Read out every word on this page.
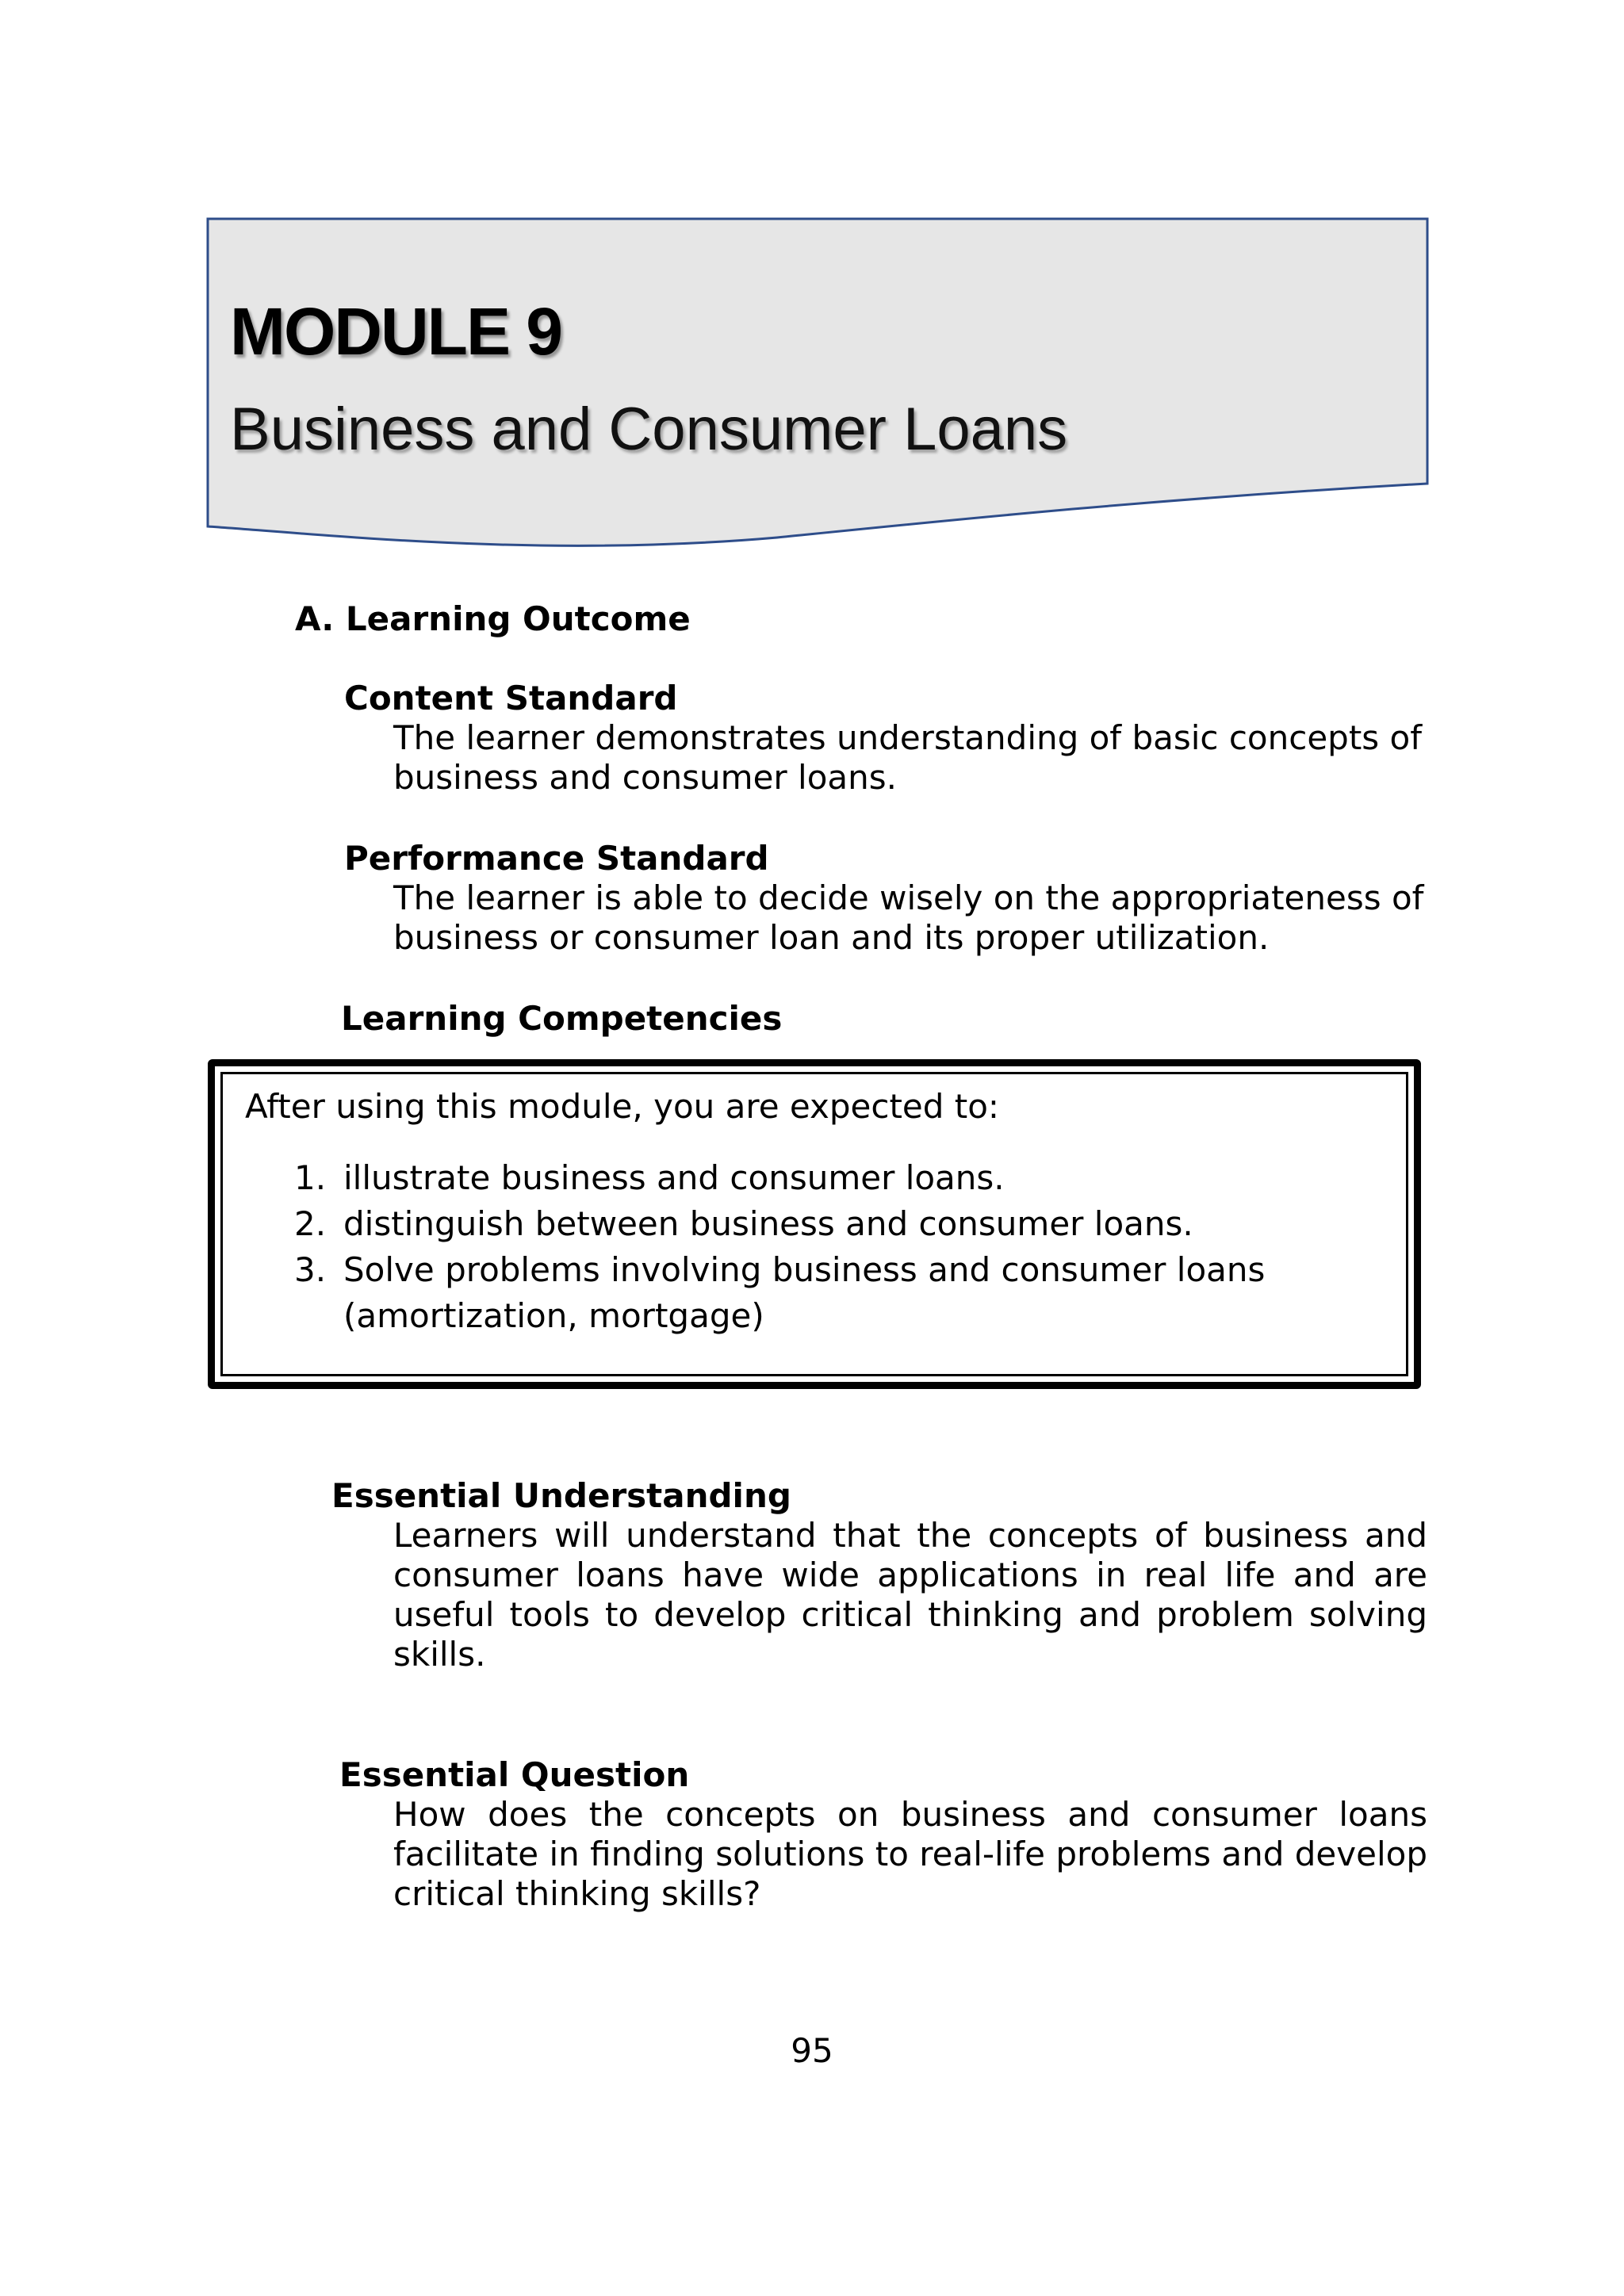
MODULE 9
Business and Consumer Loans
A. Learning Outcome
Content Standard
The learner demonstrates understanding of basic concepts of business and consumer loans.
Performance Standard
The learner is able to decide wisely on the appropriateness of business or consumer loan and its proper utilization.
Learning Competencies
After using this module, you are expected to:
1. illustrate business and consumer loans.
2. distinguish between business and consumer loans.
3. Solve problems involving business and consumer loans (amortization, mortgage)
Essential Understanding
Learners will understand that the concepts of business and consumer loans have wide applications in real life and are useful tools to develop critical thinking and problem solving skills.
Essential Question
How does the concepts on business and consumer loans facilitate in finding solutions to real-life problems and develop critical thinking skills?
95
